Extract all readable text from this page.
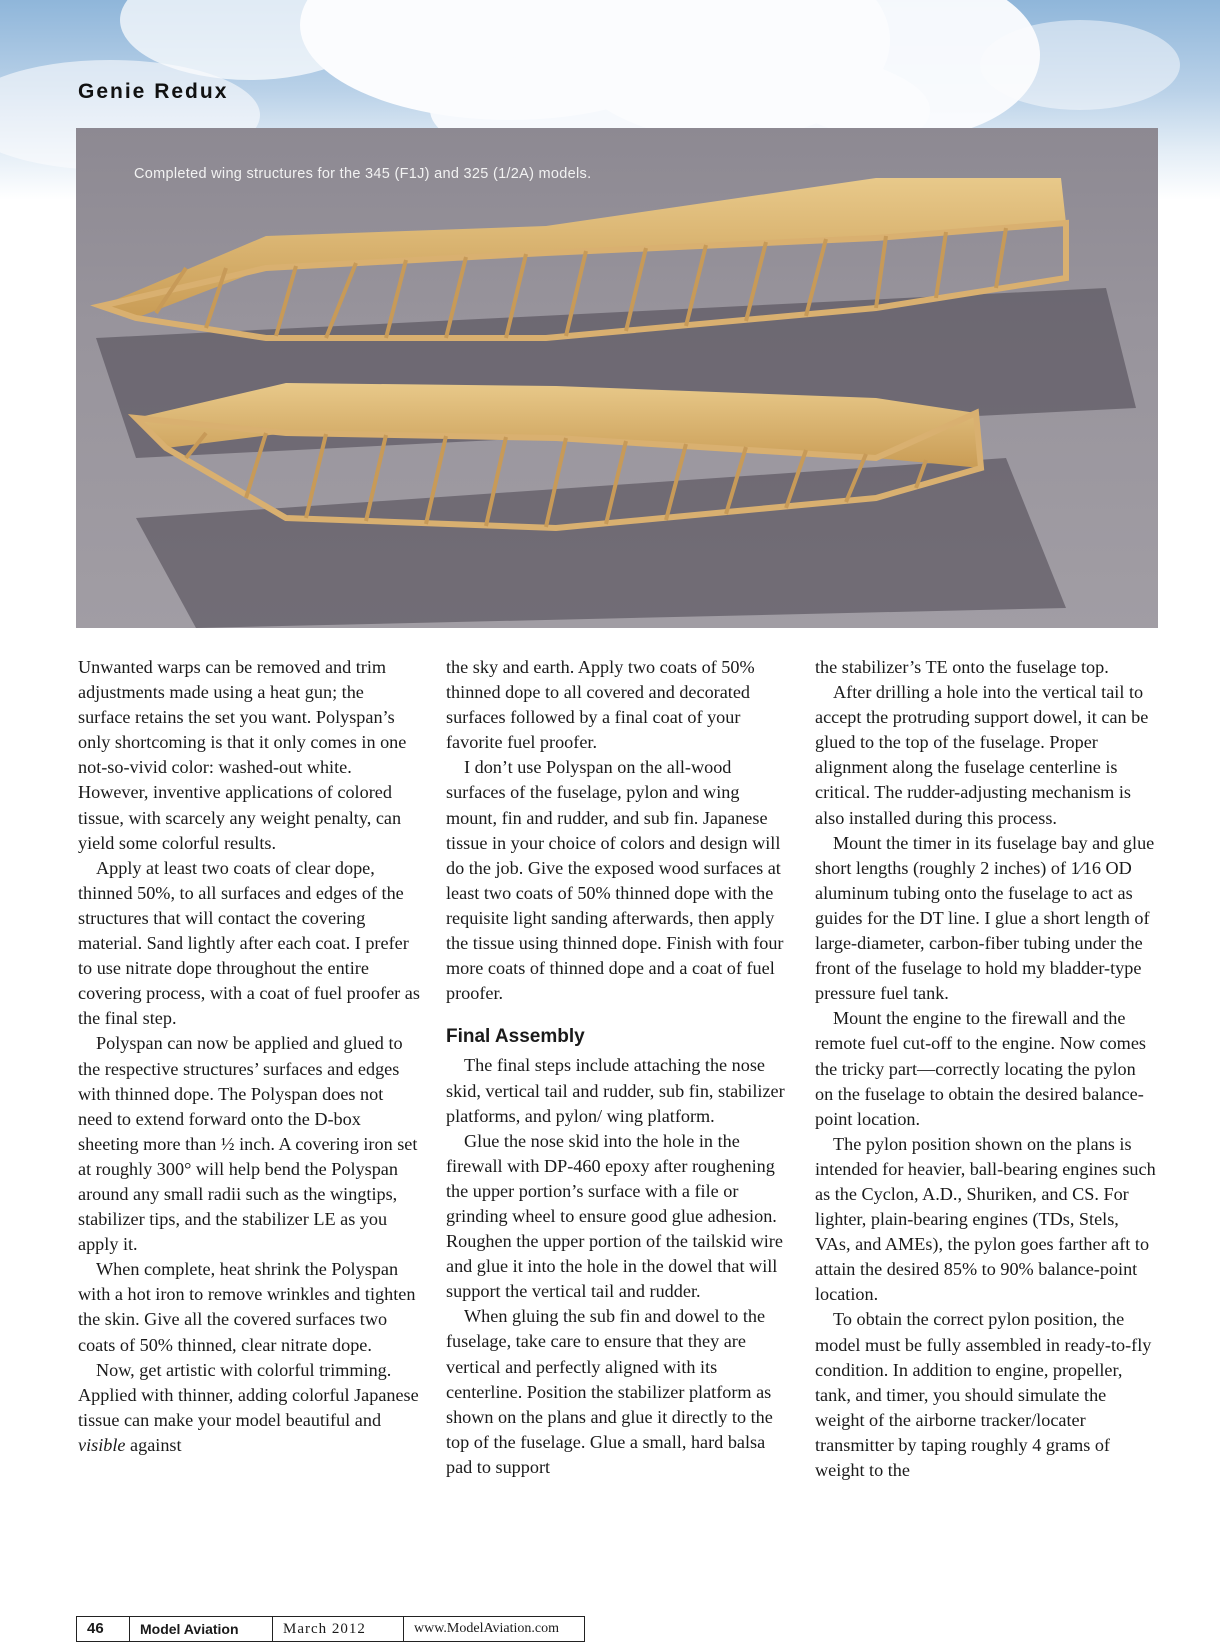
Genie Redux

Completed wing structures for the 345 (F1J) and 325 (1/2A) models.

Unwanted warps can be removed and trim adjustments made using a heat gun; the surface retains the set you want. Polyspan’s only shortcoming is that it only comes in one not-so-vivid color: washed-out white. However, inventive applications of colored tissue, with scarcely any weight penalty, can yield some colorful results.

Apply at least two coats of clear dope, thinned 50%, to all surfaces and edges of the structures that will contact the covering material. Sand lightly after each coat. I prefer to use nitrate dope throughout the entire covering process, with a coat of fuel proofer as the final step.

Polyspan can now be applied and glued to the respective structures’ surfaces and edges with thinned dope. The Polyspan does not need to extend forward onto the D-box sheeting more than ½ inch. A covering iron set at roughly 300° will help bend the Polyspan around any small radii such as the wingtips, stabilizer tips, and the stabilizer LE as you apply it.

When complete, heat shrink the Polyspan with a hot iron to remove wrinkles and tighten the skin. Give all the covered surfaces two coats of 50% thinned, clear nitrate dope.

Now, get artistic with colorful trimming. Applied with thinner, adding colorful Japanese tissue can make your model beautiful and visible against

the sky and earth. Apply two coats of 50% thinned dope to all covered and decorated surfaces followed by a final coat of your favorite fuel proofer.

I don’t use Polyspan on the all-wood surfaces of the fuselage, pylon and wing mount, fin and rudder, and sub fin. Japanese tissue in your choice of colors and design will do the job. Give the exposed wood surfaces at least two coats of 50% thinned dope with the requisite light sanding afterwards, then apply the tissue using thinned dope. Finish with four more coats of thinned dope and a coat of fuel proofer.

Final Assembly

The final steps include attaching the nose skid, vertical tail and rudder, sub fin, stabilizer platforms, and pylon/ wing platform.

Glue the nose skid into the hole in the firewall with DP-460 epoxy after roughening the upper portion’s surface with a file or grinding wheel to ensure good glue adhesion. Roughen the upper portion of the tailskid wire and glue it into the hole in the dowel that will support the vertical tail and rudder.

When gluing the sub fin and dowel to the fuselage, take care to ensure that they are vertical and perfectly aligned with its centerline. Position the stabilizer platform as shown on the plans and glue it directly to the top of the fuselage. Glue a small, hard balsa pad to support

the stabilizer’s TE onto the fuselage top.

After drilling a hole into the vertical tail to accept the protruding support dowel, it can be glued to the top of the fuselage. Proper alignment along the fuselage centerline is critical. The rudder-adjusting mechanism is also installed during this process.

Mount the timer in its fuselage bay and glue short lengths (roughly 2 inches) of 1⁄16 OD aluminum tubing onto the fuselage to act as guides for the DT line. I glue a short length of large-diameter, carbon-fiber tubing under the front of the fuselage to hold my bladder-type pressure fuel tank.

Mount the engine to the firewall and the remote fuel cut-off to the engine. Now comes the tricky part—correctly locating the pylon on the fuselage to obtain the desired balance-point location.

The pylon position shown on the plans is intended for heavier, ball-bearing engines such as the Cyclon, A.D., Shuriken, and CS. For lighter, plain-bearing engines (TDs, Stels, VAs, and AMEs), the pylon goes farther aft to attain the desired 85% to 90% balance-point location.

To obtain the correct pylon position, the model must be fully assembled in ready-to-fly condition. In addition to engine, propeller, tank, and timer, you should simulate the weight of the airborne tracker/locater transmitter by taping roughly 4 grams of weight to the

46	Model Aviation	March 2012	www.ModelAviation.com
